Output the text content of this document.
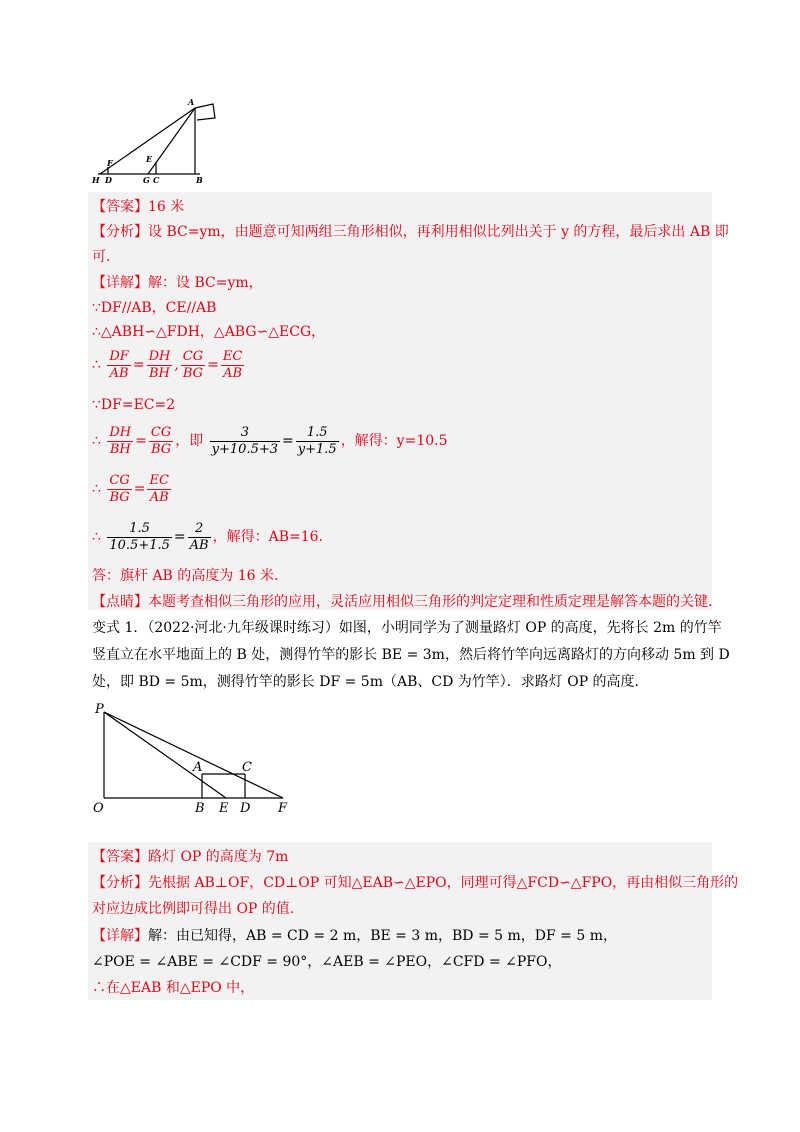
A
F	E
H D	G C	B
【答案】16 米
【分析】设 BC=ym，由题意可知两组三角形相似，再利用相似比列出关于 y 的方程，最后求出 AB 即
可.
【详解】解：设 BC=ym，
∵DF//AB，CE//AB
∴△ABH∽△FDH，△ABG∽△ECG，
∴ $\frac{DF}{AB} = \frac{DH}{BH}$ , $\frac{CG}{BG} = \frac{EC}{AB}$
∵DF=EC=2
∴ $\frac{DH}{BH} = \frac{CG}{BG}$ ，即 $\frac{3}{y+10.5+3} = \frac{1.5}{y+1.5}$ ，解得：y=10.5
∴ $\frac{CG}{BG} = \frac{EC}{AB}$
∴ $\frac{1.5}{10.5+1.5} = \frac{2}{AB}$ ，解得：AB=16.
答：旗杆 AB 的高度为 16 米.
【点睛】本题考查相似三角形的应用，灵活应用相似三角形的判定定理和性质定理是解答本题的关键.
变式 1．（2022·河北·九年级课时练习）如图，小明同学为了测量路灯 OP 的高度，先将长 2m 的竹竿
竖直立在水平地面上的 B 处，测得竹竿的影长 BE = 3m，然后将竹竿向远离路灯的方向移动 5m 到 D
处，即 BD = 5m，测得竹竿的影长 DF = 5m（AB、CD 为竹竿）．求路灯 OP 的高度．
P
A	C
O	B E D F
【答案】路灯 OP 的高度为 7m
【分析】先根据 AB⊥OF，CD⊥OP 可知△EAB∽△EPO，同理可得△FCD∽△FPO，再由相似三角形的
对应边成比例即可得出 OP 的值.
【详解】解：由已知得，AB = CD = 2 m，BE = 3 m，BD = 5 m，DF = 5 m，
∠POE = ∠ABE = ∠CDF = 90°，∠AEB = ∠PEO，∠CFD = ∠PFO，
∴在△EAB 和△EPO 中，
